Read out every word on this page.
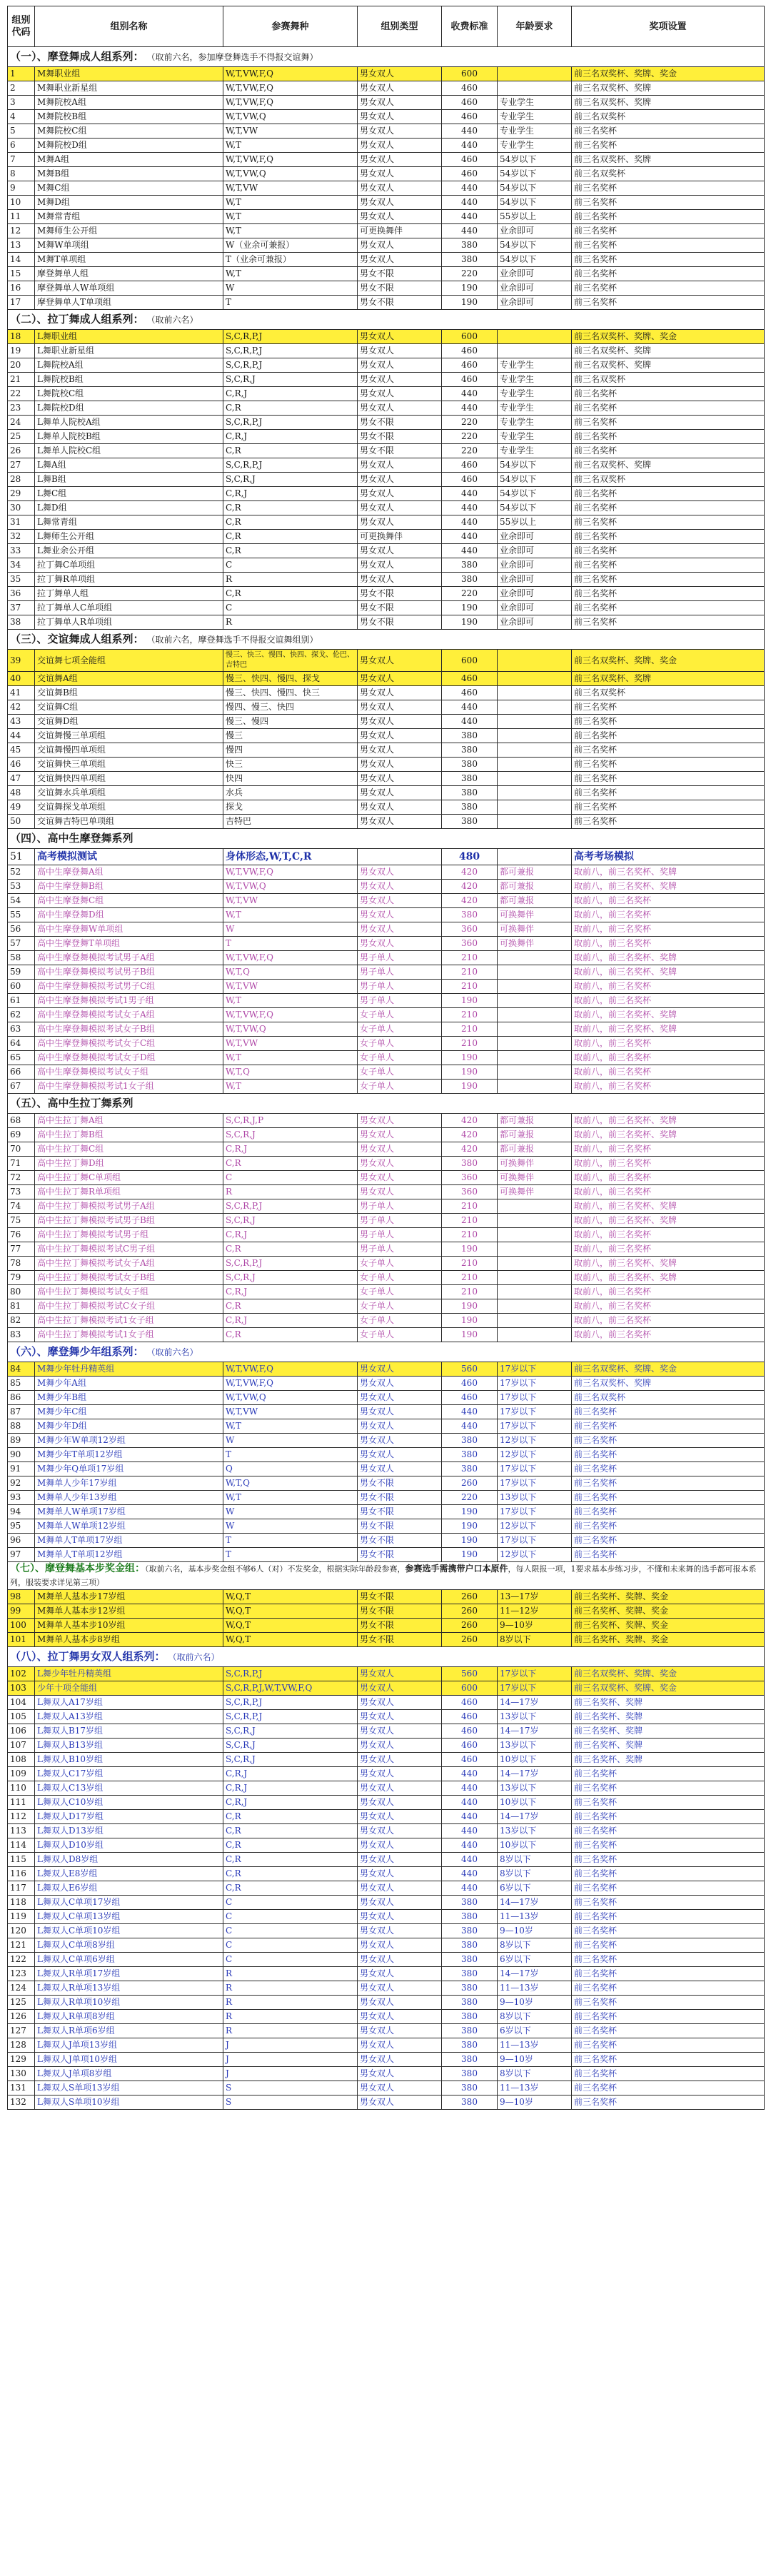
组别代码	组别名称	参赛舞种	组别类型	收费标准	年龄要求	奖项设置
（一）、摩登舞成人组系列： （取前六名，参加摩登舞选手不得报交谊舞）						
1	M舞职业组	W,T,VW,F,Q	男女双人	600		前三名双奖杯、奖牌、奖金
2	M舞职业新星组	W,T,VW,F,Q	男女双人	460		前三名双奖杯、奖牌
3	M舞院校A组	W,T,VW,F,Q	男女双人	460	专业学生	前三名双奖杯、奖牌
4	M舞院校B组	W,T,VW,Q	男女双人	460	专业学生	前三名双奖杯
5	M舞院校C组	W,T,VW	男女双人	440	专业学生	前三名奖杯
6	M舞院校D组	W,T	男女双人	440	专业学生	前三名奖杯
7	M舞A组	W,T,VW,F,Q	男女双人	460	54岁以下	前三名双奖杯、奖牌
8	M舞B组	W,T,VW,Q	男女双人	460	54岁以下	前三名双奖杯
9	M舞C组	W,T,VW	男女双人	440	54岁以下	前三名奖杯
10	M舞D组	W,T	男女双人	440	54岁以下	前三名奖杯
11	M舞常青组	W,T	男女双人	440	55岁以上	前三名奖杯
12	M舞师生公开组	W,T	可更换舞伴	440	业余即可	前三名奖杯
13	M舞W单项组	W（业余可兼报）	男女双人	380	54岁以下	前三名奖杯
14	M舞T单项组	T（业余可兼报）	男女双人	380	54岁以下	前三名奖杯
15	摩登舞单人组	W,T	男女不限	220	业余即可	前三名奖杯
16	摩登舞单人W单项组	W	男女不限	190	业余即可	前三名奖杯
17	摩登舞单人T单项组	T	男女不限	190	业余即可	前三名奖杯
（二）、拉丁舞成人组系列： （取前六名）						
18	L舞职业组	S,C,R,P,J	男女双人	600		前三名双奖杯、奖牌、奖金
19	L舞职业新星组	S,C,R,P,J	男女双人	460		前三名双奖杯、奖牌
20	L舞院校A组	S,C,R,P,J	男女双人	460	专业学生	前三名双奖杯、奖牌
21	L舞院校B组	S,C,R,J	男女双人	460	专业学生	前三名双奖杯
22	L舞院校C组	C,R,J	男女双人	440	专业学生	前三名奖杯
23	L舞院校D组	C,R	男女双人	440	专业学生	前三名奖杯
24	L舞单人院校A组	S,C,R,P,J	男女不限	220	专业学生	前三名奖杯
25	L舞单人院校B组	C,R,J	男女不限	220	专业学生	前三名奖杯
26	L舞单人院校C组	C,R	男女不限	220	专业学生	前三名奖杯
27	L舞A组	S,C,R,P,J	男女双人	460	54岁以下	前三名双奖杯、奖牌
28	L舞B组	S,C,R,J	男女双人	460	54岁以下	前三名双奖杯
29	L舞C组	C,R,J	男女双人	440	54岁以下	前三名奖杯
30	L舞D组	C,R	男女双人	440	54岁以下	前三名奖杯
31	L舞常青组	C,R	男女双人	440	55岁以上	前三名奖杯
32	L舞师生公开组	C,R	可更换舞伴	440	业余即可	前三名奖杯
33	L舞业余公开组	C,R	男女双人	440	业余即可	前三名奖杯
34	拉丁舞C单项组	C	男女双人	380	业余即可	前三名奖杯
35	拉丁舞R单项组	R	男女双人	380	业余即可	前三名奖杯
36	拉丁舞单人组	C,R	男女不限	220	业余即可	前三名奖杯
37	拉丁舞单人C单项组	C	男女不限	190	业余即可	前三名奖杯
38	拉丁舞单人R单项组	R	男女不限	190	业余即可	前三名奖杯
（三）、交谊舞成人组系列： （取前六名，摩登舞选手不得报交谊舞组别）						
39	交谊舞七项全能组	慢三、快三、慢四、快四、探戈、伦巴、吉特巴	男女双人	600		前三名双奖杯、奖牌、奖金
40	交谊舞A组	慢三、快四、慢四、探戈	男女双人	460		前三名双奖杯、奖牌
41	交谊舞B组	慢三、快四、慢四、快三	男女双人	460		前三名双奖杯
42	交谊舞C组	慢四、慢三、快四	男女双人	440		前三名奖杯
43	交谊舞D组	慢三、慢四	男女双人	440		前三名奖杯
44	交谊舞慢三单项组	慢三	男女双人	380		前三名奖杯
45	交谊舞慢四单项组	慢四	男女双人	380		前三名奖杯
46	交谊舞快三单项组	快三	男女双人	380		前三名奖杯
47	交谊舞快四单项组	快四	男女双人	380		前三名奖杯
48	交谊舞水兵单项组	水兵	男女双人	380		前三名奖杯
49	交谊舞探戈单项组	探戈	男女双人	380		前三名奖杯
50	交谊舞吉特巴单项组	吉特巴	男女双人	380		前三名奖杯
（四）、高中生摩登舞系列						
51	高考模拟测试	身体形态,W,T,C,R		480		高考考场模拟
52	高中生摩登舞A组	W,T,VW,F,Q	男女双人	420	都可兼报	取前八，前三名奖杯、奖牌
53	高中生摩登舞B组	W,T,VW,Q	男女双人	420	都可兼报	取前八，前三名奖杯、奖牌
54	高中生摩登舞C组	W,T,VW	男女双人	420	都可兼报	取前八，前三名奖杯
55	高中生摩登舞D组	W,T	男女双人	380	可换舞伴	取前八，前三名奖杯
56	高中生摩登舞W单项组	W	男女双人	360	可换舞伴	取前八，前三名奖杯
57	高中生摩登舞T单项组	T	男女双人	360	可换舞伴	取前八，前三名奖杯
58	高中生摩登舞模拟考试男子A组	W,T,VW,F,Q	男子单人	210		取前八，前三名奖杯、奖牌
59	高中生摩登舞模拟考试男子B组	W,T,Q	男子单人	210		取前八，前三名奖杯、奖牌
60	高中生摩登舞模拟考试男子C组	W,T,VW	男子单人	210		取前八，前三名奖杯
61	高中生摩登舞模拟考试1男子组	W,T	男子单人	190		取前八，前三名奖杯
62	高中生摩登舞模拟考试女子A组	W,T,VW,F,Q	女子单人	210		取前八，前三名奖杯、奖牌
63	高中生摩登舞模拟考试女子B组	W,T,VW,Q	女子单人	210		取前八，前三名奖杯、奖牌
64	高中生摩登舞模拟考试女子C组	W,T,VW	女子单人	210		取前八，前三名奖杯
65	高中生摩登舞模拟考试女子D组	W,T	女子单人	190		取前八，前三名奖杯
66	高中生摩登舞模拟考试女子组	W,T,Q	女子单人	190		取前八，前三名奖杯
67	高中生摩登舞模拟考试1女子组	W,T	女子单人	190		取前八，前三名奖杯
（五）、高中生拉丁舞系列						
68	高中生拉丁舞A组	S,C,R,J,P	男女双人	420	都可兼报	取前八，前三名奖杯、奖牌
69	高中生拉丁舞B组	S,C,R,J	男女双人	420	都可兼报	取前八，前三名奖杯、奖牌
70	高中生拉丁舞C组	C,R,J	男女双人	420	都可兼报	取前八，前三名奖杯
71	高中生拉丁舞D组	C,R	男女双人	380	可换舞伴	取前八，前三名奖杯
72	高中生拉丁舞C单项组	C	男女双人	360	可换舞伴	取前八，前三名奖杯
73	高中生拉丁舞R单项组	R	男女双人	360	可换舞伴	取前八，前三名奖杯
74	高中生拉丁舞模拟考试男子A组	S,C,R,P,J	男子单人	210		取前八，前三名奖杯、奖牌
75	高中生拉丁舞模拟考试男子B组	S,C,R,J	男子单人	210		取前八，前三名奖杯、奖牌
76	高中生拉丁舞模拟考试男子组	C,R,J	男子单人	210		取前八，前三名奖杯
77	高中生拉丁舞模拟考试C男子组	C,R	男子单人	190		取前八，前三名奖杯
78	高中生拉丁舞模拟考试女子A组	S,C,R,P,J	女子单人	210		取前八，前三名奖杯、奖牌
79	高中生拉丁舞模拟考试女子B组	S,C,R,J	女子单人	210		取前八，前三名奖杯、奖牌
80	高中生拉丁舞模拟考试女子组	C,R,J	女子单人	210		取前八，前三名奖杯
81	高中生拉丁舞模拟考试C女子组	C,R	女子单人	190		取前八，前三名奖杯
82	高中生拉丁舞模拟考试1女子组	C,R,J	女子单人	190		取前八，前三名奖杯
83	高中生拉丁舞模拟考试1女子组	C,R	女子单人	190		取前八，前三名奖杯
（六）、摩登舞少年组系列： （取前六名）						
84	M舞少年牡丹精英组	W,T,VW,F,Q	男女双人	560	17岁以下	前三名双奖杯、奖牌、奖金
85	M舞少年A组	W,T,VW,F,Q	男女双人	460	17岁以下	前三名双奖杯、奖牌
86	M舞少年B组	W,T,VW,Q	男女双人	460	17岁以下	前三名双奖杯
87	M舞少年C组	W,T,VW	男女双人	440	17岁以下	前三名奖杯
88	M舞少年D组	W,T	男女双人	440	17岁以下	前三名奖杯
89	M舞少年W单项12岁组	W	男女双人	380	12岁以下	前三名奖杯
90	M舞少年T单项12岁组	T	男女双人	380	12岁以下	前三名奖杯
91	M舞少年Q单项17岁组	Q	男女双人	380	17岁以下	前三名奖杯
92	M舞单人少年17岁组	W,T,Q	男女不限	260	17岁以下	前三名奖杯
93	M舞单人少年13岁组	W,T	男女不限	220	13岁以下	前三名奖杯
94	M舞单人W单项17岁组	W	男女不限	190	17岁以下	前三名奖杯
95	M舞单人W单项12岁组	W	男女不限	190	12岁以下	前三名奖杯
96	M舞单人T单项17岁组	T	男女不限	190	17岁以下	前三名奖杯
97	M舞单人T单项12岁组	T	男女不限	190	12岁以下	前三名奖杯
（七）、摩登舞基本步奖金组：（取前六名，基本步奖金组不够6人（对）不发奖金，根据实际年龄段参赛，参赛选手需携带户口本原件，每人限报一项，1要求基本步练习步，不懂和未来舞的选手都可报本系列，服装要求详见第三项）						
98	M舞单人基本步17岁组	W,Q,T	男女不限	260	13—17岁	前三名奖杯、奖牌、奖金
99	M舞单人基本步12岁组	W,Q,T	男女不限	260	11—12岁	前三名奖杯、奖牌、奖金
100	M舞单人基本步10岁组	W,Q,T	男女不限	260	9—10岁	前三名奖杯、奖牌、奖金
101	M舞单人基本步8岁组	W,Q,T	男女不限	260	8岁以下	前三名奖杯、奖牌、奖金
（八）、拉丁舞男女双人组系列： （取前六名）						
102	L舞少年牡丹精英组	S,C,R,P,J	男女双人	560	17岁以下	前三名双奖杯、奖牌、奖金
103	少年十项全能组	S,C,R,P,J,W,T,VW,F,Q	男女双人	600	17岁以下	前三名双奖杯、奖牌、奖金
104	L舞双人A17岁组	S,C,R,P,J	男女双人	460	14—17岁	前三名奖杯、奖牌
105	L舞双人A13岁组	S,C,R,P,J	男女双人	460	13岁以下	前三名奖杯、奖牌
106	L舞双人B17岁组	S,C,R,J	男女双人	460	14—17岁	前三名奖杯、奖牌
107	L舞双人B13岁组	S,C,R,J	男女双人	460	13岁以下	前三名奖杯、奖牌
108	L舞双人B10岁组	S,C,R,J	男女双人	460	10岁以下	前三名奖杯、奖牌
109	L舞双人C17岁组	C,R,J	男女双人	440	14—17岁	前三名奖杯
110	L舞双人C13岁组	C,R,J	男女双人	440	13岁以下	前三名奖杯
111	L舞双人C10岁组	C,R,J	男女双人	440	10岁以下	前三名奖杯
112	L舞双人D17岁组	C,R	男女双人	440	14—17岁	前三名奖杯
113	L舞双人D13岁组	C,R	男女双人	440	13岁以下	前三名奖杯
114	L舞双人D10岁组	C,R	男女双人	440	10岁以下	前三名奖杯
115	L舞双人D8岁组	C,R	男女双人	440	8岁以下	前三名奖杯
116	L舞双人E8岁组	C,R	男女双人	440	8岁以下	前三名奖杯
117	L舞双人E6岁组	C,R	男女双人	440	6岁以下	前三名奖杯
118	L舞双人C单项17岁组	C	男女双人	380	14—17岁	前三名奖杯
119	L舞双人C单项13岁组	C	男女双人	380	11—13岁	前三名奖杯
120	L舞双人C单项10岁组	C	男女双人	380	9—10岁	前三名奖杯
121	L舞双人C单项8岁组	C	男女双人	380	8岁以下	前三名奖杯
122	L舞双人C单项6岁组	C	男女双人	380	6岁以下	前三名奖杯
123	L舞双人R单项17岁组	R	男女双人	380	14—17岁	前三名奖杯
124	L舞双人R单项13岁组	R	男女双人	380	11—13岁	前三名奖杯
125	L舞双人R单项10岁组	R	男女双人	380	9—10岁	前三名奖杯
126	L舞双人R单项8岁组	R	男女双人	380	8岁以下	前三名奖杯
127	L舞双人R单项6岁组	R	男女双人	380	6岁以下	前三名奖杯
128	L舞双人J单项13岁组	J	男女双人	380	11—13岁	前三名奖杯
129	L舞双人J单项10岁组	J	男女双人	380	9—10岁	前三名奖杯
130	L舞双人J单项8岁组	J	男女双人	380	8岁以下	前三名奖杯
131	L舞双人S单项13岁组	S	男女双人	380	11—13岁	前三名奖杯
132	L舞双人S单项10岁组	S	男女双人	380	9—10岁	前三名奖杯
